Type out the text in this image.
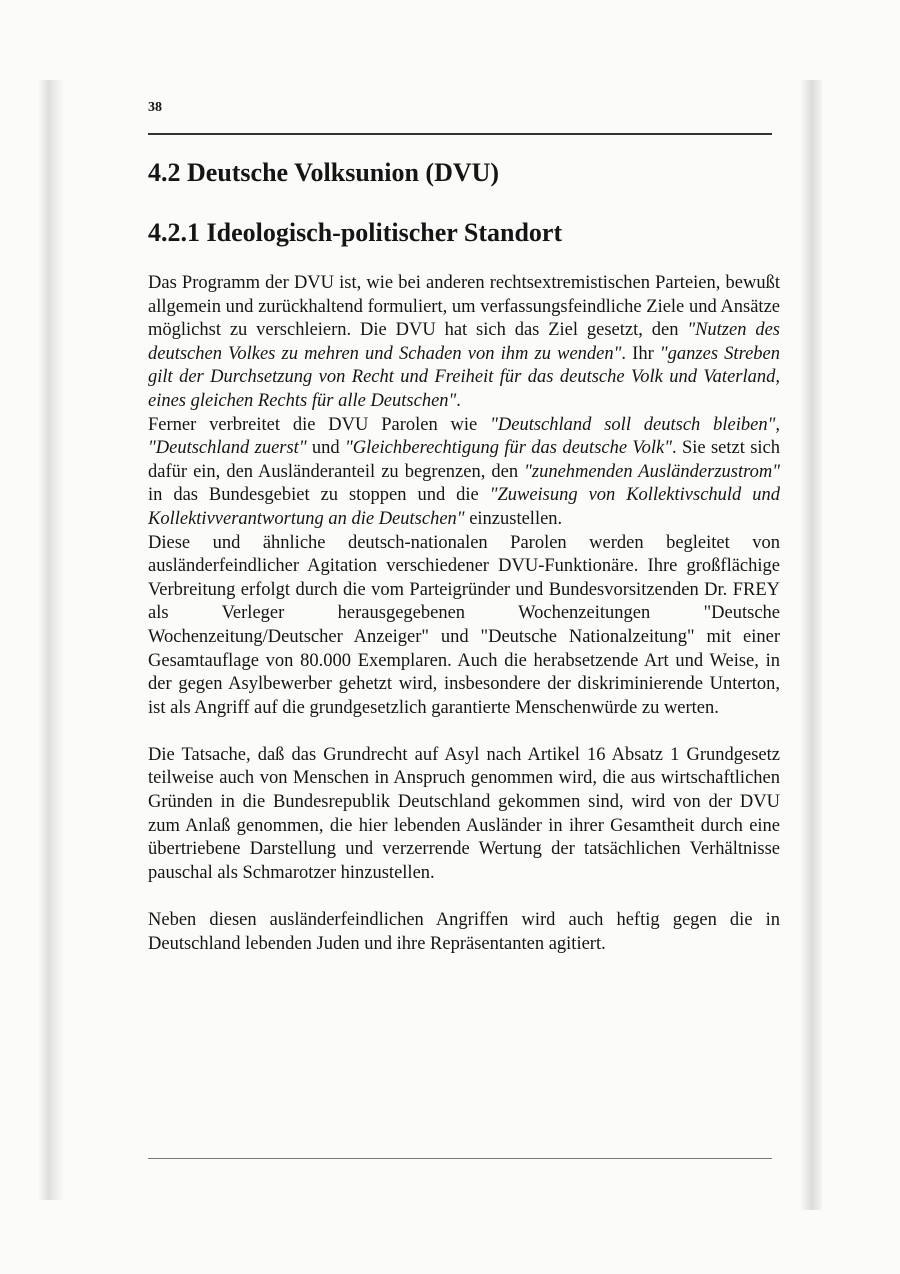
38
4.2 Deutsche Volksunion (DVU)
4.2.1 Ideologisch-politischer Standort

Das Programm der DVU ist, wie bei anderen rechtsextremistischen Parteien, bewußt allgemein und zurückhaltend formuliert, um verfassungsfeindliche Ziele und Ansätze möglichst zu verschleiern. Die DVU hat sich das Ziel gesetzt, den "Nutzen des deutschen Volkes zu mehren und Schaden von ihm zu wenden". Ihr "ganzes Streben gilt der Durchsetzung von Recht und Freiheit für das deutsche Volk und Vaterland, eines gleichen Rechts für alle Deutschen".

Ferner verbreitet die DVU Parolen wie "Deutschland soll deutsch bleiben", "Deutschland zuerst" und "Gleichberechtigung für das deutsche Volk". Sie setzt sich dafür ein, den Ausländeranteil zu begrenzen, den "zunehmenden Ausländerzustrom" in das Bundesgebiet zu stoppen und die "Zuweisung von Kollektivschuld und Kollektivverantwortung an die Deutschen" einzustellen.

Diese und ähnliche deutsch-nationalen Parolen werden begleitet von ausländerfeindlicher Agitation verschiedener DVU-Funktionäre. Ihre großflächige Verbreitung erfolgt durch die vom Parteigründer und Bundesvorsitzenden Dr. FREY als Verleger herausgegebenen Wochenzeitungen "Deutsche Wochenzeitung/Deutscher Anzeiger" und "Deutsche Nationalzeitung" mit einer Gesamtauflage von 80.000 Exemplaren. Auch die herabsetzende Art und Weise, in der gegen Asylbewerber gehetzt wird, insbesondere der diskriminierende Unterton, ist als Angriff auf die grundgesetzlich garantierte Menschenwürde zu werten.

Die Tatsache, daß das Grundrecht auf Asyl nach Artikel 16 Absatz 1 Grundgesetz teilweise auch von Menschen in Anspruch genommen wird, die aus wirtschaftlichen Gründen in die Bundesrepublik Deutschland gekommen sind, wird von der DVU zum Anlaß genommen, die hier lebenden Ausländer in ihrer Gesamtheit durch eine übertriebene Darstellung und verzerrende Wertung der tatsächlichen Verhältnisse pauschal als Schmarotzer hinzustellen.

Neben diesen ausländerfeindlichen Angriffen wird auch heftig gegen die in Deutschland lebenden Juden und ihre Repräsentanten agitiert.
